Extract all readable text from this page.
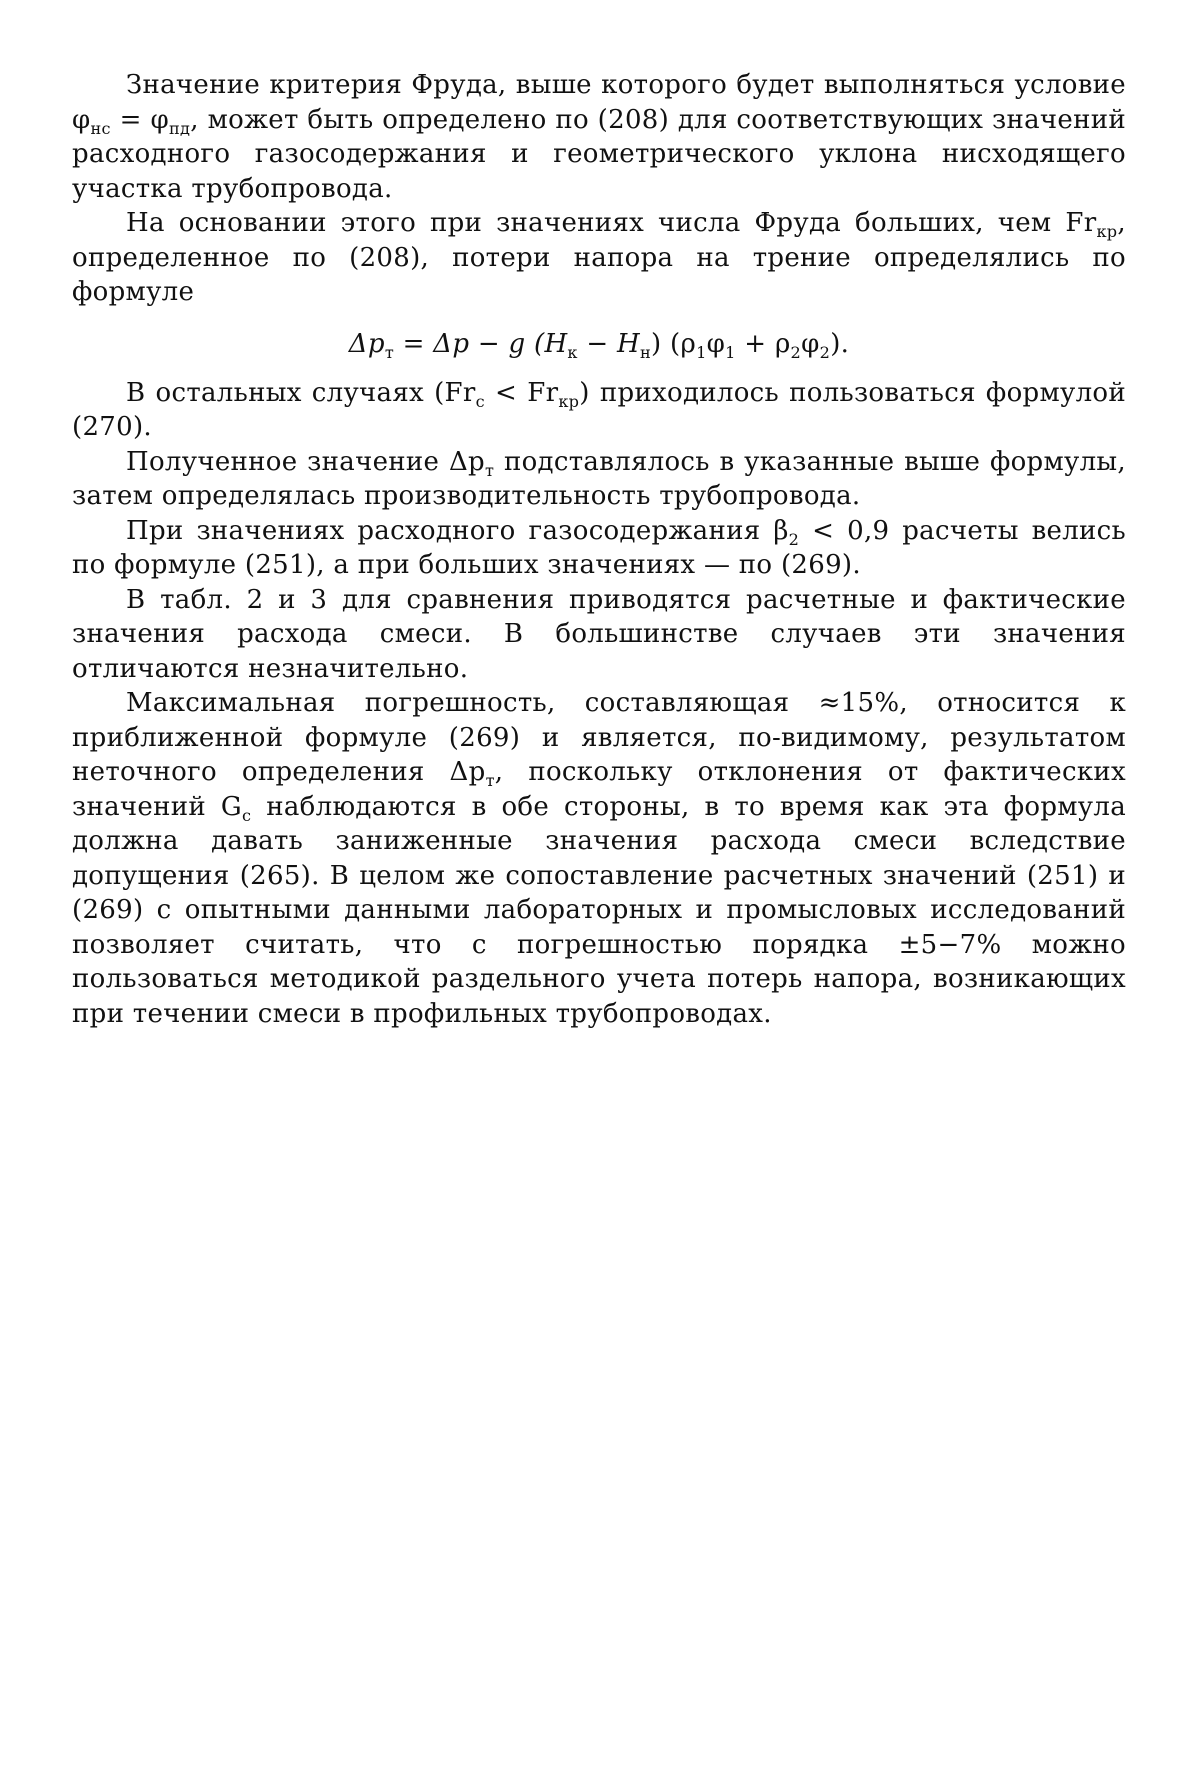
Значение критерия Фруда, выше которого будет выполняться условие $\varphi_{нс} = \varphi_{пд}$, может быть определено по (208) для соответствующих значений расходного газосодержания и геометрического уклона нисходящего участка трубопровода.

На основании этого при значениях числа Фруда больших, чем $Fr_{кр}$, определенное по (208), потери напора на трение определялись по формуле

$\Delta p_т = \Delta p - g$ $(H_к - H_н) (\rho_1\varphi_1 + \rho_2\varphi_2)$.

В остальных случаях $(Fr_с < Fr_{кр})$ приходилось пользоваться формулой (270).

Полученное значение $\Delta p_т$ подставлялось в указанные выше формулы, затем определялась производительность трубопровода.

При значениях расходного газосодержания $\beta_2 < 0,9$ расчеты велись по формуле (251), а при больших значениях — по (269).

В табл. 2 и 3 для сравнения приводятся расчетные и фактические значения расхода смеси. В большинстве случаев эти значения отличаются незначительно.

Максимальная погрешность, составляющая ≈15%, относится к приближенной формуле (269) и является, по-видимому, результатом неточного определения $\Delta p_т$, поскольку отклонения от фактических значений $G_с$ наблюдаются в обе стороны, в то время как эта формула должна давать заниженные значения расхода смеси вследствие допущения (265). В целом же сопоставление расчетных значений (251) и (269) с опытными данными лабораторных и промысловых исследований позволяет считать, что с погрешностью порядка ±5−7% можно пользоваться методикой раздельного учета потерь напора, возникающих при течении смеси в профильных трубопроводах.
